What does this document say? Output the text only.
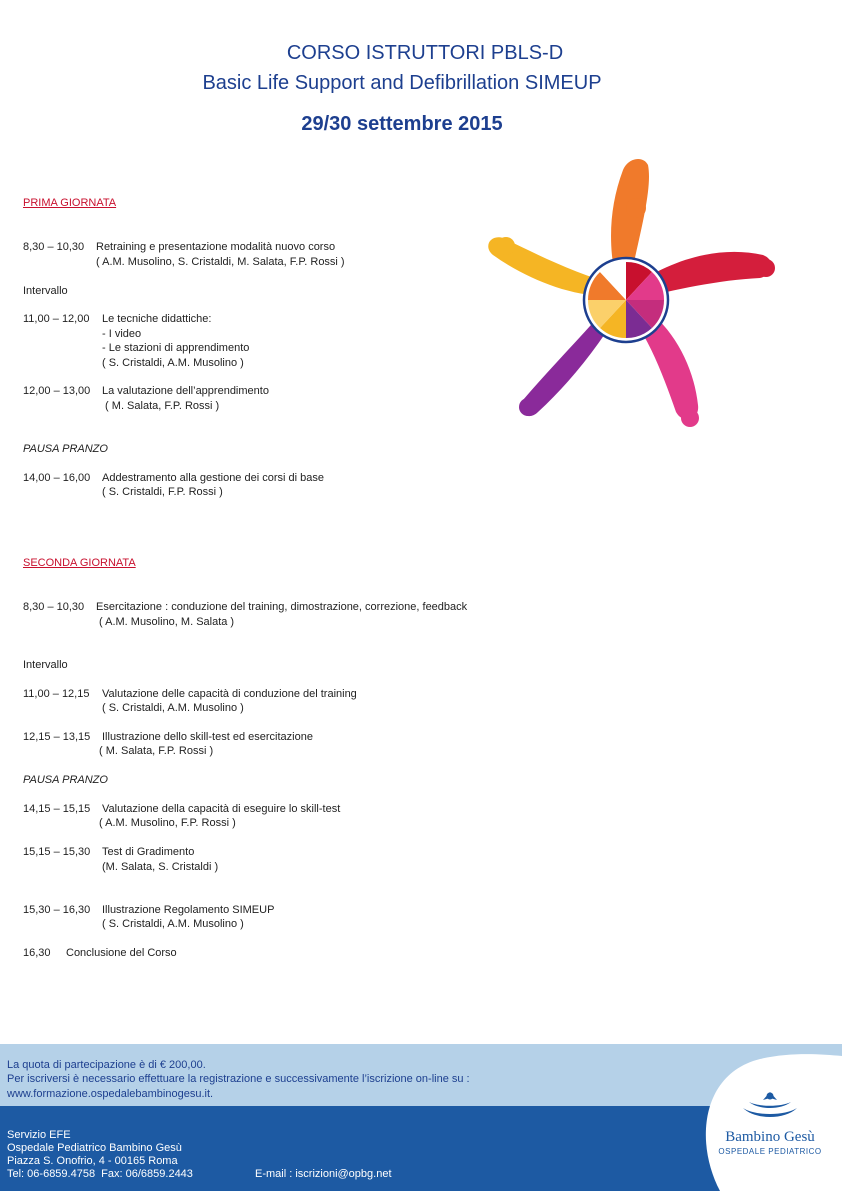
CORSO ISTRUTTORI PBLS-D
Basic Life Support and Defibrillation SIMEUP
29/30 settembre 2015
PRIMA GIORNATA
8,30 – 10,30 Retraining e presentazione modalità nuovo corso
( A.M. Musolino, S. Cristaldi, M. Salata, F.P. Rossi )
Intervallo
11,00 – 12,00 Le tecniche didattiche:
- I video
- Le stazioni di apprendimento
( S. Cristaldi, A.M. Musolino )
12,00 – 13,00 La valutazione dell’apprendimento
( M. Salata, F.P. Rossi )
PAUSA PRANZO
14,00 – 16,00 Addestramento alla gestione dei corsi di base
( S. Cristaldi, F.P. Rossi )
SECONDA GIORNATA
8,30 – 10,30 Esercitazione : conduzione del training, dimostrazione, correzione, feedback
( A.M. Musolino, M. Salata )
Intervallo
11,00 – 12,15 Valutazione delle capacità di conduzione del training
( S. Cristaldi, A.M. Musolino )
12,15 – 13,15 Illustrazione dello skill-test ed esercitazione
( M. Salata, F.P. Rossi )
PAUSA PRANZO
14,15 – 15,15 Valutazione della capacità di eseguire lo skill-test
( A.M. Musolino, F.P. Rossi )
15,15 – 15,30 Test di Gradimento
(M. Salata, S. Cristaldi )
15,30 – 16,30 Illustrazione Regolamento SIMEUP
( S. Cristaldi, A.M. Musolino )
16,30 Conclusione del Corso
La quota di partecipazione è di € 200,00.
Per iscriversi è necessario effettuare la registrazione e successivamente l’iscrizione on-line su :
www.formazione.ospedalebambinogesu.it.
Servizio EFE
Ospedale Pediatrico Bambino Gesù
Piazza S. Onofrio, 4 - 00165 Roma
Tel: 06-6859.4758  Fax: 06/6859.2443	E-mail : iscrizioni@opbg.net
Bambino Gesù
OSPEDALE PEDIATRICO
